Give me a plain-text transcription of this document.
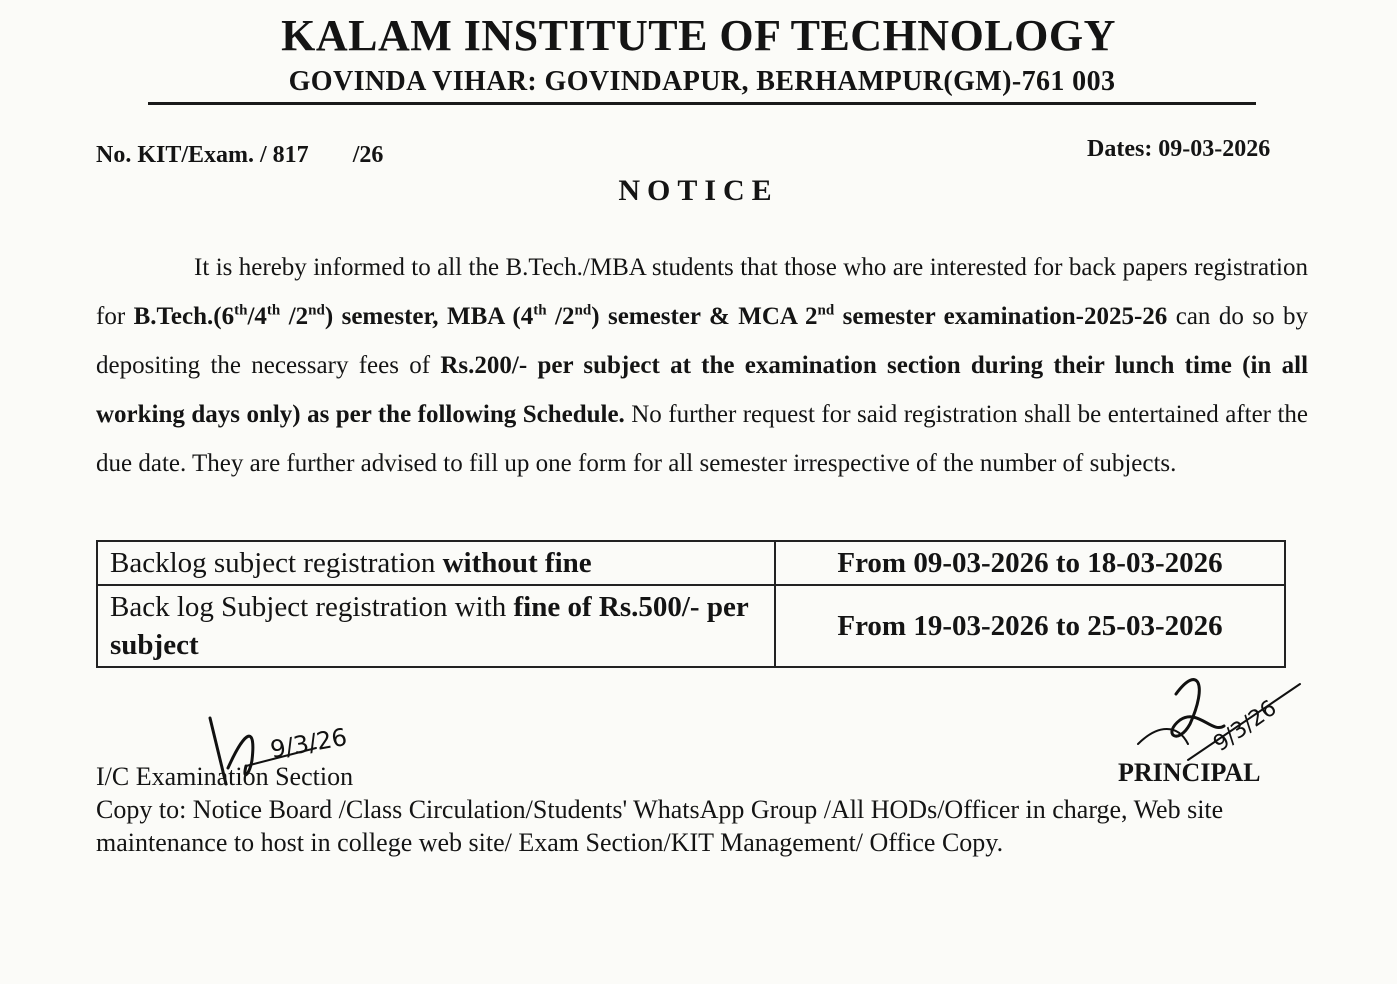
KALAM INSTITUTE OF TECHNOLOGY
GOVINDA VIHAR: GOVINDAPUR, BERHAMPUR(GM)-761 003
No. KIT/Exam. / 817 /26	Dates: 09-03-2026
NOTICE

It is hereby informed to all the B.Tech./MBA students that those who are interested for back papers registration for B.Tech.(6th/4th /2nd) semester, MBA (4th /2nd) semester & MCA 2nd semester examination-2025-26 can do so by depositing the necessary fees of Rs.200/- per subject at the examination section during their lunch time (in all working days only) as per the following Schedule. No further request for said registration shall be entertained after the due date. They are further advised to fill up one form for all semester irrespective of the number of subjects.

Backlog subject registration without fine	From 09-03-2026 to 18-03-2026
Back log Subject registration with fine of Rs.500/- per subject	From 19-03-2026 to 25-03-2026
9/3/26
I/C Examination Section
9/3/26
PRINCIPAL
Copy to: Notice Board /Class Circulation/Students' WhatsApp Group /All HODs/Officer in charge, Web site maintenance to host in college web site/ Exam Section/KIT Management/ Office Copy.
